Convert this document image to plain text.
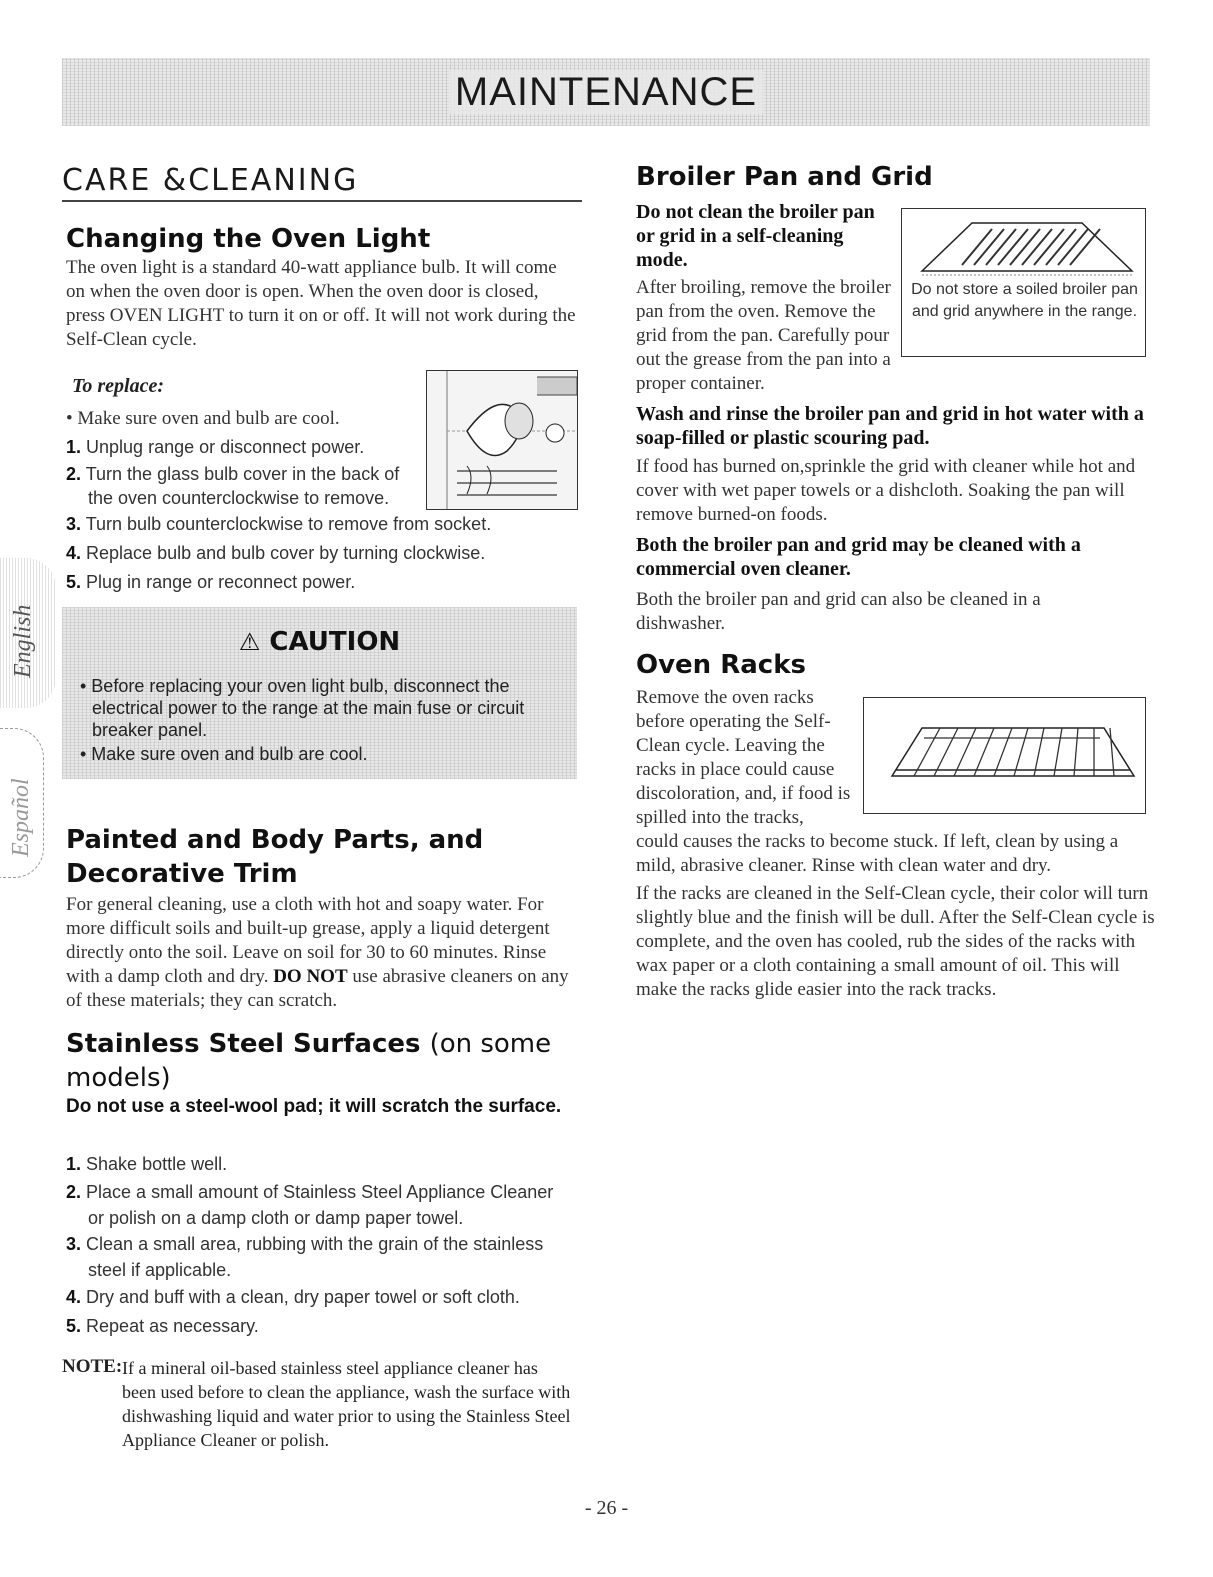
MAINTENANCE
English
Español
CARE &CLEANING
Changing the Oven Light
The oven light is a standard 40-watt appliance bulb. It will come on when the oven door is open. When the oven door is closed, press OVEN LIGHT to turn it on or off. It will not work during the Self-Clean cycle.
To replace:
• Make sure oven and bulb are cool.
1. Unplug range or disconnect power.
2. Turn the glass bulb cover in the back of
the oven counterclockwise to remove.
3. Turn bulb counterclockwise to remove from socket.
4. Replace bulb and bulb cover by turning clockwise.
5. Plug in range or reconnect power.
⚠ CAUTION
• Before replacing your oven light bulb, disconnect the electrical power to the range at the main fuse or circuit breaker panel.
• Make sure oven and bulb are cool.
Painted and Body Parts, and
Decorative Trim
For general cleaning, use a cloth with hot and soapy water. For more difficult soils and built-up grease, apply a liquid detergent directly onto the soil. Leave on soil for 30 to 60 minutes. Rinse with a damp cloth and dry. DO NOT use abrasive cleaners on any of these materials; they can scratch.
Stainless Steel Surfaces (on some models)
Do not use a steel-wool pad; it will scratch the surface.
1. Shake bottle well.
2. Place a small amount of Stainless Steel Appliance Cleaner
or polish on a damp cloth or damp paper towel.
3. Clean a small area, rubbing with the grain of the stainless
steel if applicable.
4. Dry and buff with a clean, dry paper towel or soft cloth.
5. Repeat as necessary.
NOTE: If a mineral oil-based stainless steel appliance cleaner has been used before to clean the appliance, wash the surface with dishwashing liquid and water prior to using the Stainless Steel Appliance Cleaner or polish.
Broiler Pan and Grid
Do not clean the broiler pan or grid in a self-cleaning mode.
After broiling, remove the broiler pan from the oven. Remove the grid from the pan. Carefully pour out the grease from the pan into a proper container.
Do not store a soiled broiler pan and grid anywhere in the range.
Wash and rinse the broiler pan and grid in hot water with a soap-filled or plastic scouring pad.
If food has burned on,sprinkle the grid with cleaner while hot and cover with wet paper towels or a dishcloth. Soaking the pan will remove burned-on foods.
Both the broiler pan and grid may be cleaned with a commercial oven cleaner.
Both the broiler pan and grid can also be cleaned in a dishwasher.
Oven Racks
Remove the oven racks before operating the Self-Clean cycle. Leaving the racks in place could cause discoloration, and, if food is spilled into the tracks,
could causes the racks to become stuck. If left, clean by using a mild, abrasive cleaner. Rinse with clean water and dry.
If the racks are cleaned in the Self-Clean cycle, their color will turn slightly blue and the finish will be dull. After the Self-Clean cycle is complete, and the oven has cooled, rub the sides of the racks with wax paper or a cloth containing a small amount of oil. This will make the racks glide easier into the rack tracks.
- 26 -
